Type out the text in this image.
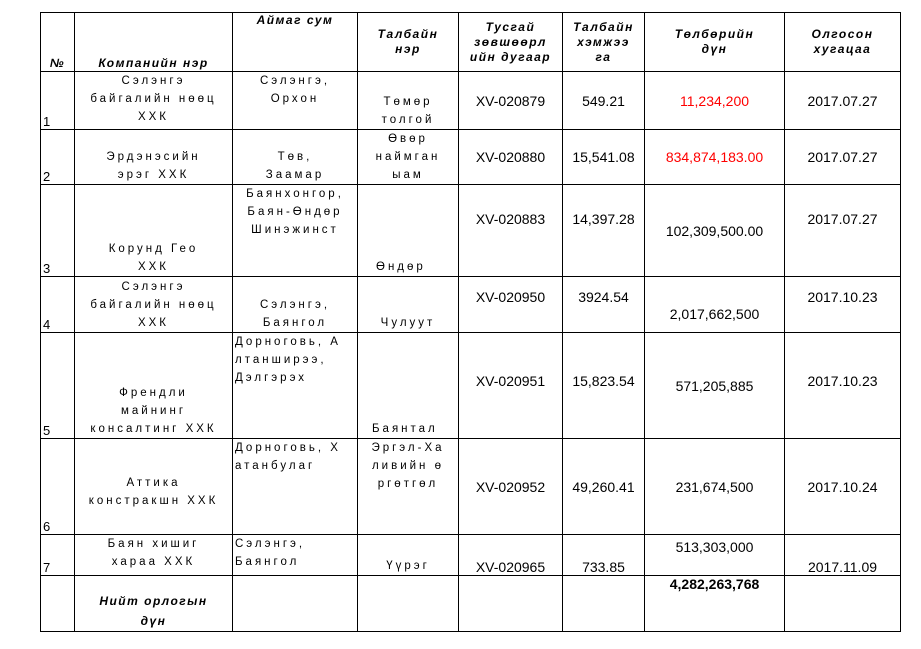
№	Компанийн нэр	Аймаг сум	Талбайн нэр	Тусгай зөвшөөрл ийн дугаар	Талбайн хэмжээ га	Төлбөрийн дүн	Олгосон хугацаа
1	Сэлэнгэ байгалийн нөөц ХХК	Сэлэнгэ, Орхон	Төмөр толгой	XV-020879	549.21	11,234,200	2017.07.27
2	Эрдэнэсийн эрэг ХХК	Төв, Заамар	Өвөр наймган ыам	XV-020880	15,541.08	834,874,183.00	2017.07.27
3	Корунд Гео ХХК	Баянхонгор, Баян-Өндөр Шинэжинст	Өндөр	XV-020883	14,397.28	102,309,500.00	2017.07.27
4	Сэлэнгэ байгалийн нөөц ХХК	Сэлэнгэ, Баянгол	Чулуут	XV-020950	3924.54	2,017,662,500	2017.10.23
5	Френдли майнинг консалтинг ХХК	Дорноговь, Алтанширээ, Дэлгэрэх	Баянтал	XV-020951	15,823.54	571,205,885	2017.10.23
6	Аттика констракшн ХХК	Дорноговь, Хатанбулаг	Эргэл-Халивийн өргөтгөл	XV-020952	49,260.41	231,674,500	2017.10.24
7	Баян хишиг хараа ХХК	Сэлэнгэ, Баянгол	Үүрэг	XV-020965	733.85	513,303,000	2017.11.09
	Нийт орлогын дүн					4,282,263,768	
